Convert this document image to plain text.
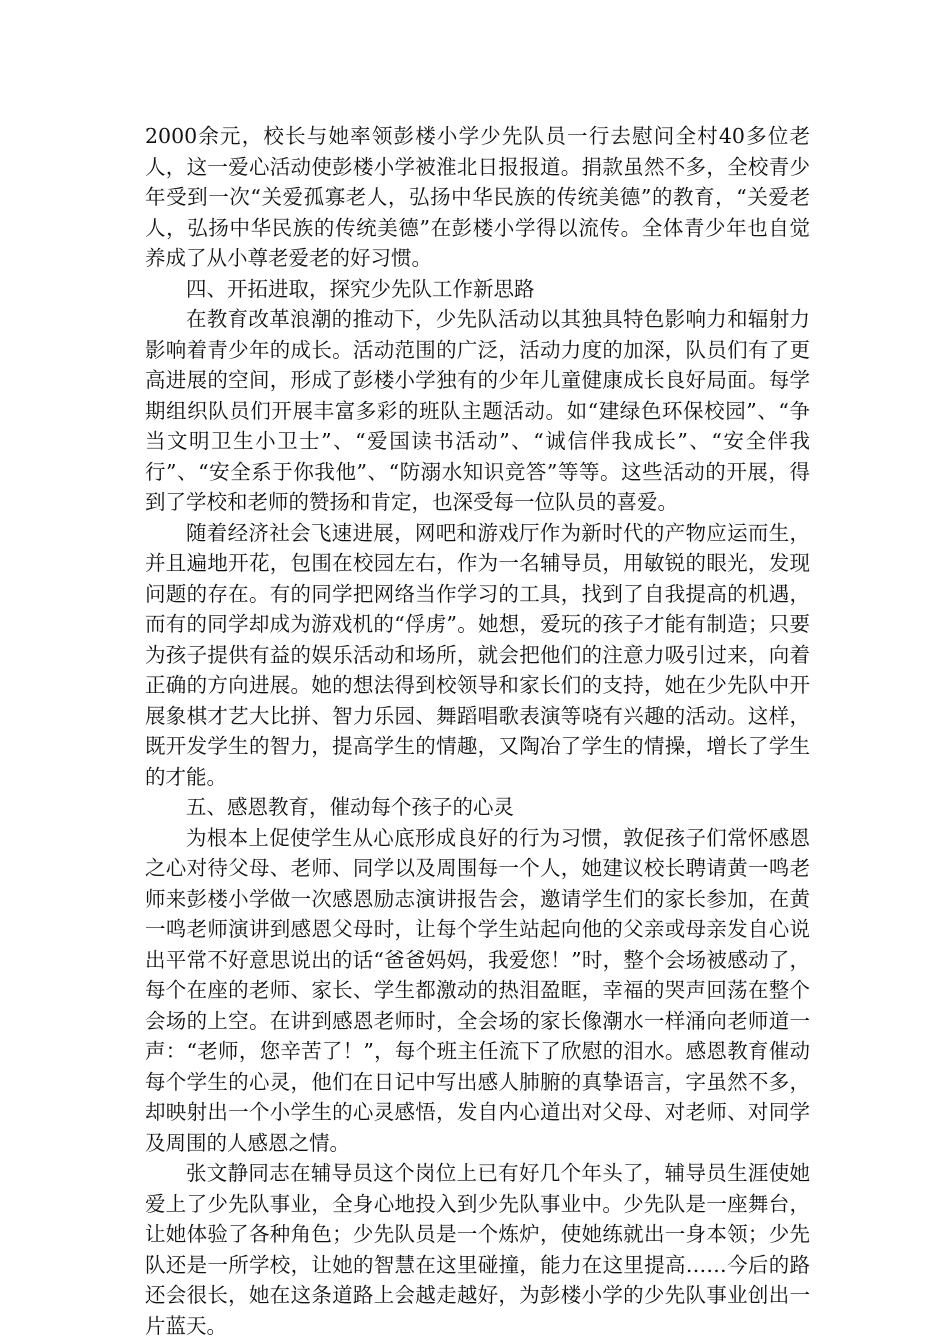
2000余元，校长与她率领彭楼小学少先队员一行去慰问全村40多位老人，这一爱心活动使彭楼小学被淮北日报报道。捐款虽然不多，全校青少年受到一次“关爱孤寡老人，弘扬中华民族的传统美德”的教育，“关爱老人，弘扬中华民族的传统美德”在彭楼小学得以流传。全体青少年也自觉养成了从小尊老爱老的好习惯。

四、开拓进取，探究少先队工作新思路

在教育改革浪潮的推动下，少先队活动以其独具特色影响力和辐射力影响着青少年的成长。活动范围的广泛，活动力度的加深，队员们有了更高进展的空间，形成了彭楼小学独有的少年儿童健康成长良好局面。每学期组织队员们开展丰富多彩的班队主题活动。如“建绿色环保校园”、“争当文明卫生小卫士”、“爱国读书活动”、“诚信伴我成长”、“安全伴我行”、“安全系于你我他”、“防溺水知识竞答”等等。这些活动的开展，得到了学校和老师的赞扬和肯定，也深受每一位队员的喜爱。

随着经济社会飞速进展，网吧和游戏厅作为新时代的产物应运而生，并且遍地开花，包围在校园左右，作为一名辅导员，用敏锐的眼光，发现问题的存在。有的同学把网络当作学习的工具，找到了自我提高的机遇，而有的同学却成为游戏机的“俘虏”。她想，爱玩的孩子才能有制造；只要为孩子提供有益的娱乐活动和场所，就会把他们的注意力吸引过来，向着正确的方向进展。她的想法得到校领导和家长们的支持，她在少先队中开展象棋才艺大比拼、智力乐园、舞蹈唱歌表演等哓有兴趣的活动。这样，既开发学生的智力，提高学生的情趣，又陶冶了学生的情操，增长了学生的才能。

五、感恩教育，催动每个孩子的心灵

为根本上促使学生从心底形成良好的行为习惯，敦促孩子们常怀感恩之心对待父母、老师、同学以及周围每一个人，她建议校长聘请黄一鸣老师来彭楼小学做一次感恩励志演讲报告会，邀请学生们的家长参加，在黄一鸣老师演讲到感恩父母时，让每个学生站起向他的父亲或母亲发自心说出平常不好意思说出的话“爸爸妈妈，我爱您！”时，整个会场被感动了，每个在座的老师、家长、学生都激动的热泪盈眶，幸福的哭声回荡在整个会场的上空。在讲到感恩老师时，全会场的家长像潮水一样涌向老师道一声：“老师，您辛苦了！”，每个班主任流下了欣慰的泪水。感恩教育催动每个学生的心灵，他们在日记中写出感人肺腑的真挚语言，字虽然不多，却映射出一个小学生的心灵感悟，发自内心道出对父母、对老师、对同学及周围的人感恩之情。

张文静同志在辅导员这个岗位上已有好几个年头了，辅导员生涯使她爱上了少先队事业，全身心地投入到少先队事业中。少先队是一座舞台，让她体验了各种角色；少先队员是一个炼炉，使她练就出一身本领；少先队还是一所学校，让她的智慧在这里碰撞，能力在这里提高……今后的路还会很长，她在这条道路上会越走越好，为彭楼小学的少先队事业创出一片蓝天。
